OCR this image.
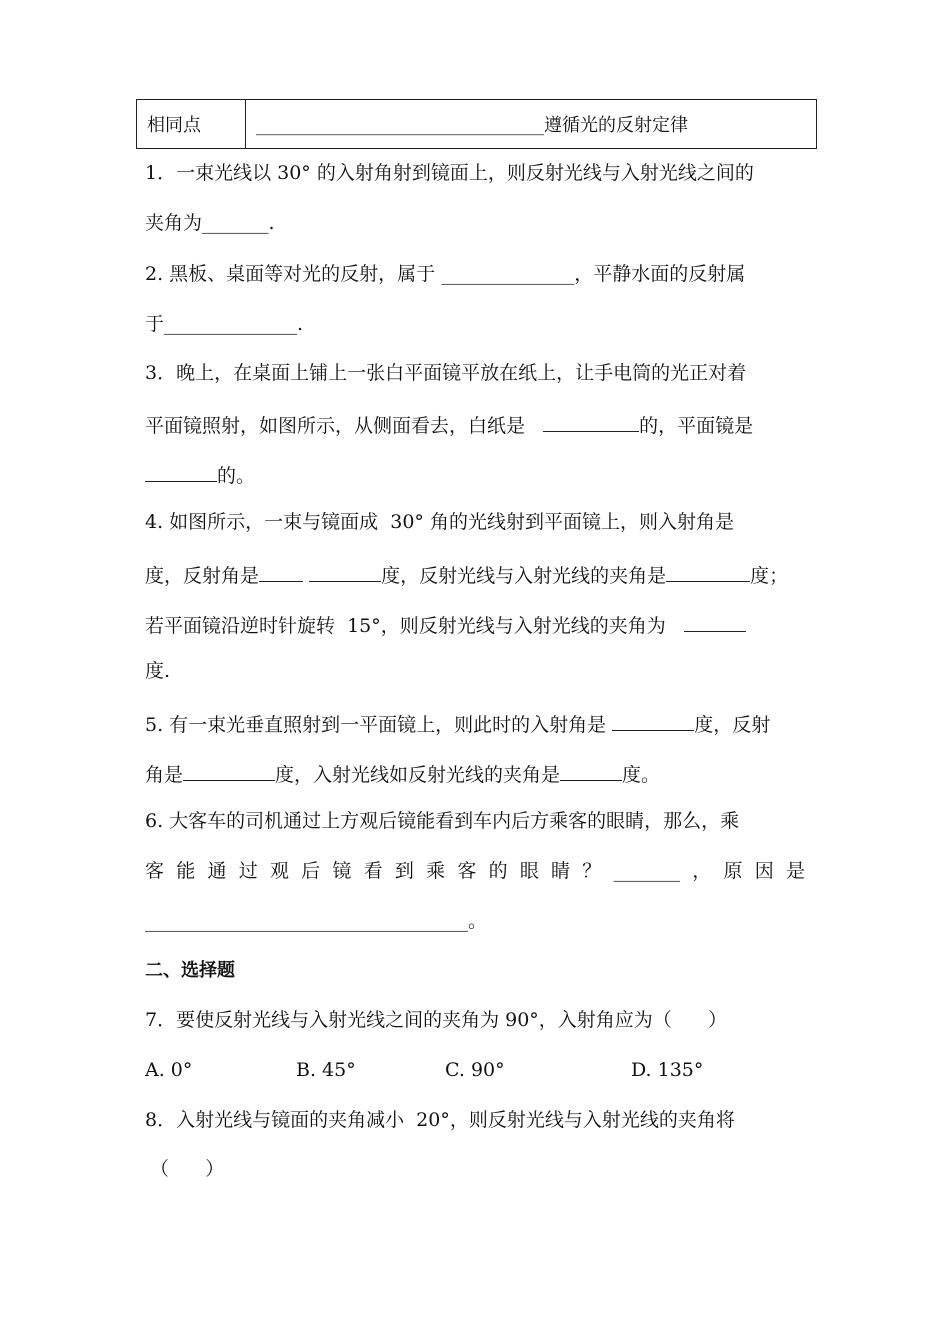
相同点	________________________________遵循光的反射定律
1．一束光线以 30° 的入射角射到镜面上，则反射光线与入射光线之间的
夹角为_______.
2. 黑板、桌面等对光的反射，属于 ______________，平静水面的反射属
于______________.
3．晚上，在桌面上铺上一张白平面镜平放在纸上，让手电筒的光正对着
平面镜照射，如图所示，从侧面看去，白纸是	的，平面镜是
的。
4. 如图所示，一束与镜面成  30° 角的光线射到平面镜上，则入射角是
度，反射角是	度，反射光线与入射光线的夹角是	度；
若平面镜沿逆时针旋转  15°，则反射光线与入射光线的夹角为
度.
5. 有一束光垂直照射到一平面镜上，则此时的入射角是	度，反射
角是	度，入射光线如反射光线的夹角是	度。
6. 大客车的司机通过上方观后镜能看到车内后方乘客的眼睛，那么，乘
客 能 通 过 观 后 镜 看 到 乘 客 的 眼 睛 ？ _______ ， 原 因 是
__________________________________。
二、选择题
7．要使反射光线与入射光线之间的夹角为 90°，入射角应为（      ）
A. 0°	B. 45°	C. 90°	D. 135°
8．入射光线与镜面的夹角减小  20°，则反射光线与入射光线的夹角将
（      ）
